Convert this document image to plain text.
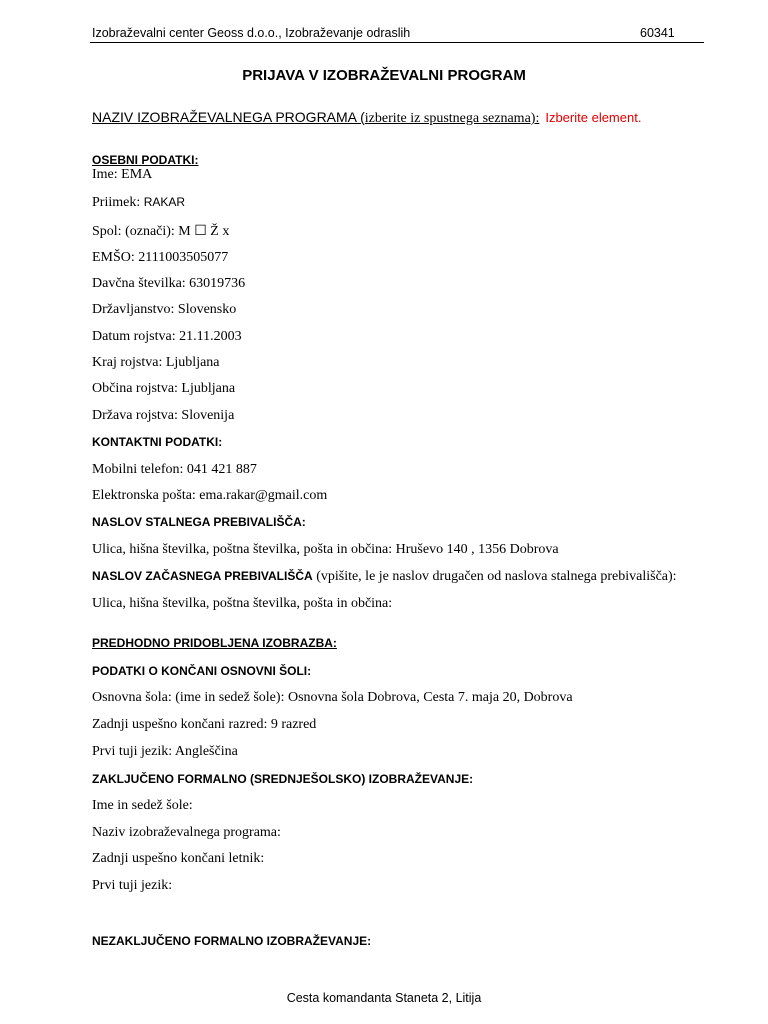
Izobraževalni center Geoss d.o.o., Izobraževanje odraslih	60341
PRIJAVA V IZOBRAŽEVALNI PROGRAM
NAZIV IZOBRAŽEVALNEGA PROGRAMA (izberite iz spustnega seznama): Izberite element.
OSEBNI PODATKI:
Ime: EMA
Priimek: RAKAR
Spol: (označi): M ☐ Ž x
EMŠO: 2111003505077
Davčna številka: 63019736
Državljanstvo: Slovensko
Datum rojstva: 21.11.2003
Kraj rojstva: Ljubljana
Občina rojstva: Ljubljana
Država rojstva: Slovenija
KONTAKTNI PODATKI:
Mobilni telefon: 041 421 887
Elektronska pošta: ema.rakar@gmail.com
NASLOV STALNEGA PREBIVALIŠČA:
Ulica, hišna številka, poštna številka, pošta in občina: Hruševo 140 , 1356 Dobrova
NASLOV ZAČASNEGA PREBIVALIŠČA (vpišite, le je naslov drugačen od naslova stalnega prebivališča):
Ulica, hišna številka, poštna številka, pošta in občina:
PREDHODNO PRIDOBLJENA IZOBRAZBA:
PODATKI O KONČANI OSNOVNI ŠOLI:
Osnovna šola: (ime in sedež šole): Osnovna šola Dobrova, Cesta 7. maja 20, Dobrova
Zadnji uspešno končani razred: 9 razred
Prvi tuji jezik: Angleščina
ZAKLJUČENO FORMALNO (SREDNJEŠOLSKO) IZOBRAŽEVANJE:
Ime in sedež šole:
Naziv izobraževalnega programa:
Zadnji uspešno končani letnik:
Prvi tuji jezik:
NEZAKLJUČENO FORMALNO IZOBRAŽEVANJE:
Cesta komandanta Staneta 2, Litija
